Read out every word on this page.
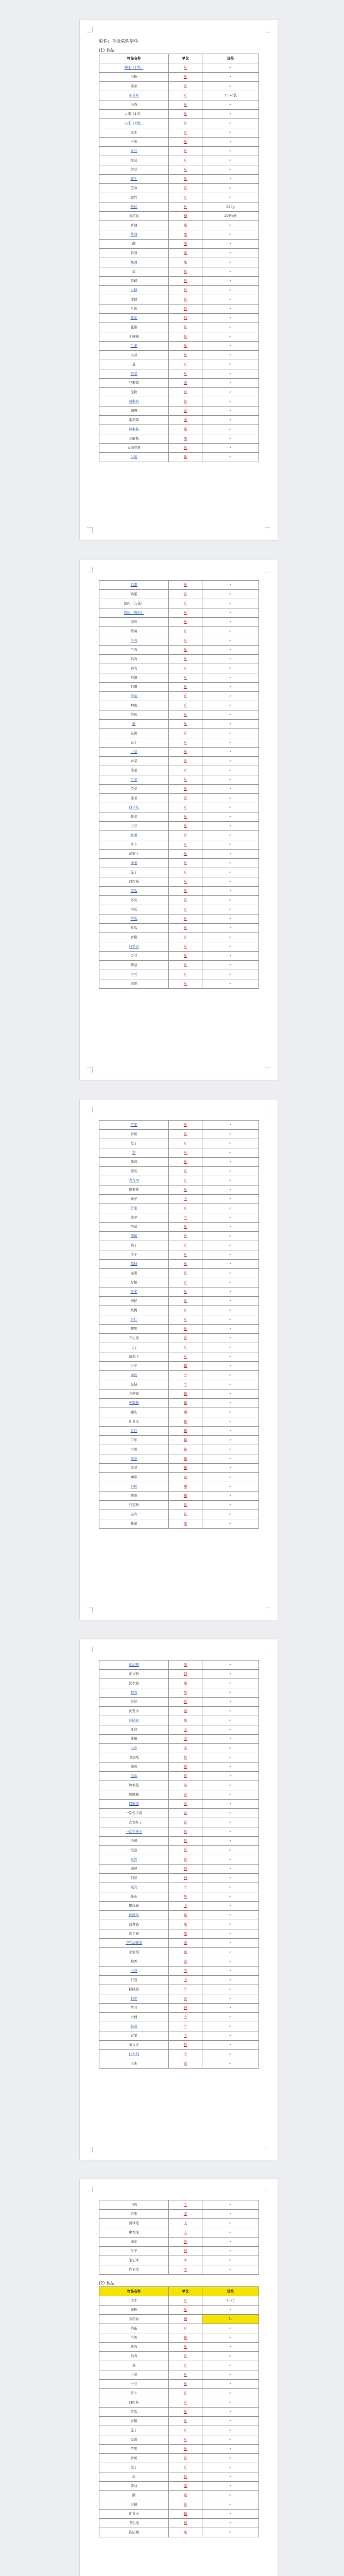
附件：首批采购清单
(1) 食品：
物品名称	单位	规格
糯米（1类）	斤	✓
米粉	斤	✓
面条	斤	✓
小麦粉	斤	1.5kg装
米线	斤	✓
大米（1类）	斤	✓
小米（2类）	斤	✓
黑米	斤	✓
玉米	斤	✓
红豆	斤	✓
绿豆	斤	✓
黄豆	斤	✓
花生	斤	✓
芝麻	斤	✓
腐竹	斤	✓
粉丝	斤	250g
食用油	桶	20斤/桶
香油	瓶	✓
酱油	瓶	✓
醋	瓶	✓
料酒	瓶	✓
蚝油	瓶	✓
盐	包	✓
鸡精	包	✓
白糖	包	✓
冰糖	包	✓
八角	包	✓
桂皮	包	✓
花椒	包	✓
干辣椒	包	✓
生姜	斤	✓
大蒜	斤	✓
葱	斤	✓
香菜	斤	✓
豆瓣酱	瓶	✓
淀粉	包	✓
胡椒粉	包	✓
咖喱	盒	✓
番茄酱	瓶	✓
辣椒酱	瓶	✓
芝麻酱	瓶	✓
火锅底料	包	✓
牛奶	箱	✓
鸡蛋	斤	✓
鸭蛋	斤	✓
猪肉（五花）	斤	✓
猪肉（瘦肉）	斤	✓
排骨	斤	✓
猪蹄	斤	✓
牛肉	斤	✓
羊肉	斤	✓
鸡肉	斤	✓
鸭肉	斤	✓
鸡翅	斤	✓
鸡腿	斤	✓
草鱼	斤	✓
鲫鱼	斤	✓
带鱼	斤	✓
虾	斤	✓
豆腐	斤	✓
豆干	斤	✓
白菜	斤	✓
青菜	斤	✓
菠菜	斤	✓
生菜	斤	✓
芹菜	斤	✓
韭菜	斤	✓
西兰花	斤	✓
花菜	斤	✓
土豆	斤	✓
红薯	斤	✓
萝卜	斤	✓
胡萝卜	斤	✓
洋葱	斤	✓
茄子	斤	✓
西红柿	斤	✓
黄瓜	斤	✓
冬瓜	斤	✓
南瓜	斤	✓
苦瓜	斤	✓
丝瓜	斤	✓
青椒	斤	✓
四季豆	斤	✓
豆芽	斤	✓
蘑菇	斤	✓
木耳	斤	✓
海带	斤	✓
苹果	斤	✓
香蕉	斤	✓
橙子	斤	✓
梨	斤	✓
葡萄	斤	✓
西瓜	斤	✓
火龙果	斤	✓
猕猴桃	斤	✓
柚子	个	✓
芒果	斤	✓
菠萝	个	✓
草莓	斤	✓
樱桃	斤	✓
桃子	斤	✓
李子	斤	✓
荔枝	斤	✓
龙眼	斤	✓
柠檬	斤	✓
红枣	斤	✓
枸杞	斤	✓
核桃	斤	✓
杏仁	斤	✓
腰果	斤	✓
开心果	斤	✓
瓜子	斤	✓
葡萄干	斤	✓
饼干	箱	✓
面包	个	✓
蛋糕	个	✓
方便面	箱	✓
火腿肠	箱	✓
罐头	罐	✓
矿泉水	箱	✓
果汁	箱	✓
可乐	箱	✓
雪碧	箱	✓
绿茶	箱	✓
红茶	箱	✓
咖啡	盒	✓
奶粉	罐	✓
酸奶	箱	✓
豆浆粉	包	✓
麦片	包	✓
蜂蜜	瓶	✓
洗洁精	瓶	✓
洗衣粉	袋	✓
洗衣液	瓶	✓
肥皂	块	✓
香皂	块	✓
洗发水	瓶	✓
沐浴露	瓶	✓
牙膏	支	✓
牙刷	支	✓
毛巾	条	✓
卫生纸	提	✓
抽纸	提	✓
湿巾	包	✓
垃圾袋	卷	✓
保鲜膜	卷	✓
保鲜袋	卷	✓
一次性手套	盒	✓
一次性杯子	包	✓
一次性筷子	包	✓
纸碗	包	✓
纸盘	包	✓
吸管	包	✓
拖把	把	✓
扫帚	把	✓
簸箕	个	✓
抹布	块	✓
钢丝球	个	✓
洗碗布	块	✓
消毒液	瓶	✓
洗手液	瓶	✓
空气清新剂	瓶	✓
杀虫剂	瓶	✓
蚊香	盒	✓
电池	节	✓
灯泡	个	✓
插线板	个	✓
胶带	卷	✓
剪刀	把	✓
水桶	个	✓
脸盆	个	✓
衣架	个	✓
晾衣夹	包	✓
打火机	个	✓
火柴	盒	✓
书包	个	✓
铅笔	支	✓
圆珠笔	支	✓
中性笔	支	✓
橡皮	块	✓
尺子	把	✓
笔记本	本	✓
作业本	本	✓
(2) 食品：
物品名称	单位	规格
大米	斤	25kg
面粉	斤	✓
食用油	桶	5L
鸡蛋	斤	✓
牛奶	箱	✓
猪肉	斤	✓
鸡肉	斤	✓
鱼	斤	✓
白菜	斤	✓
土豆	斤	✓
萝卜	斤	✓
西红柿	斤	✓
黄瓜	斤	✓
青椒	斤	✓
茄子	斤	✓
豆腐	斤	✓
苹果	斤	✓
香蕉	斤	✓
橙子	斤	✓
盐	包	✓
酱油	瓶	✓
醋	瓶	✓
白糖	包	✓
矿泉水	箱	✓
卫生纸	提	✓
洗洁精	瓶	✓
